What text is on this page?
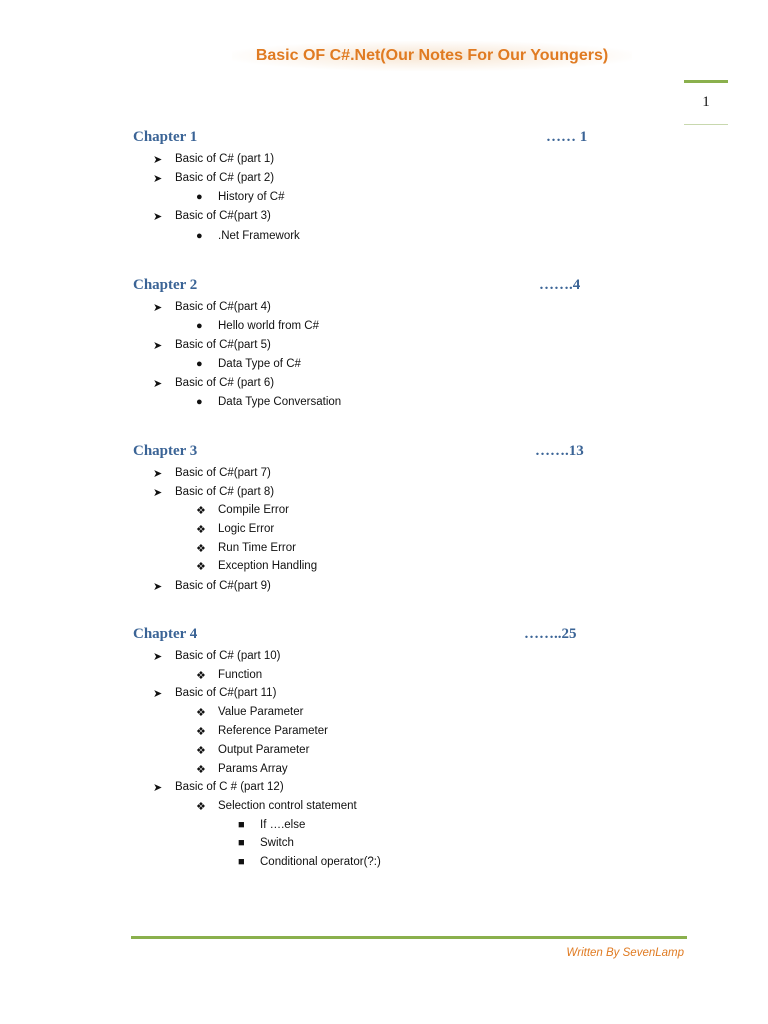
Basic OF C#.Net(Our Notes For Our Youngers)
1
Chapter 1	…… 1
➤	Basic of C# (part 1)
➤	Basic of C# (part 2)
●	History of C#
➤	Basic of C#(part 3)
●	.Net Framework
Chapter 2	…….4
➤	Basic of C#(part 4)
●	Hello world from C#
➤	Basic of C#(part 5)
●	Data Type of C#
➤	Basic of C# (part 6)
●	Data Type Conversation
Chapter 3	…….13
➤	Basic of C#(part 7)
➤	Basic of C# (part 8)
❖	Compile Error
❖	Logic Error
❖	Run Time Error
❖	Exception Handling
➤	Basic of C#(part 9)
Chapter 4	……..25
➤	Basic of C# (part 10)
❖	Function
➤	Basic of C#(part 11)
❖	Value Parameter
❖	Reference Parameter
❖	Output Parameter
❖	Params Array
➤	Basic of C # (part 12)
❖	Selection control statement
■	If ….else
■	Switch
■	Conditional operator(?:)
Written By SevenLamp
